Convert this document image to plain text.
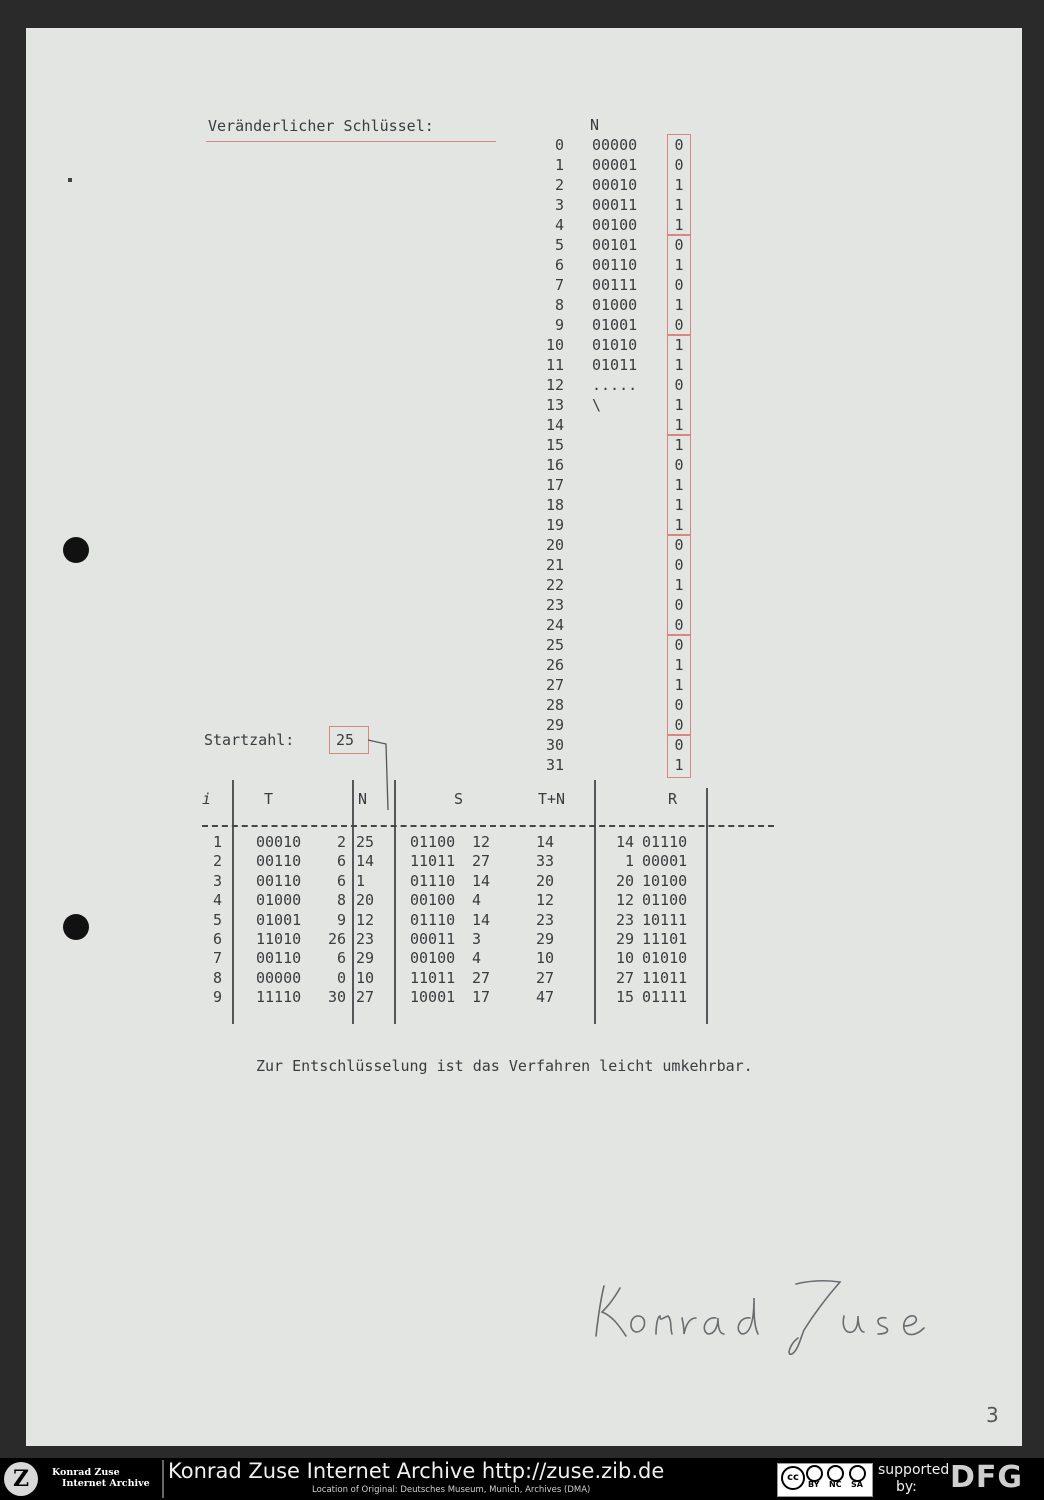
Veränderlicher Schlüssel:	N
0 00000	0
1 00001	0
2 00010	1
3 00011	1
4 00100	1
5 00101	0
6 00110	1
7 00111	0
8 01000	1
9 01001	0
10 01010	1
11 01011	1
12 .....	0
13 \	1
14	1
15	1
16	0
17	1
18	1
19	1
20	0
21	0
22	1
23	0
24	0
25	0
26	1
27	1
28	0
29	0
30	0
31	1
Startzahl:	25
i	T	N	S	T+N	R
1 00010	2 25	01100	12	14	14 01110
2 00110	6 14	11011	27	33	1 00001
3 00110	6 1	01110	14	20	20 10100
4 01000	8 20	00100	4	12	12 01100
5 01001	9 12	01110	14	23	23 10111
6 11010	26 23	00011	3	29	29 11101
7 00110	6 29	00100	4	10	10 01010
8 00000	0 10	11011	27	27	27 11011
9 11110	30 27	10001	17	47	15 01111
Zur Entschlüsselung ist das Verfahren leicht umkehrbar.
3
Z	Konrad Zuse
Internet Archive
Konrad Zuse Internet Archive http://zuse.zib.de
Location of Original: Deutsches Museum, Munich, Archives (DMA)
cc
BY NC SA
supported
by: DFG
